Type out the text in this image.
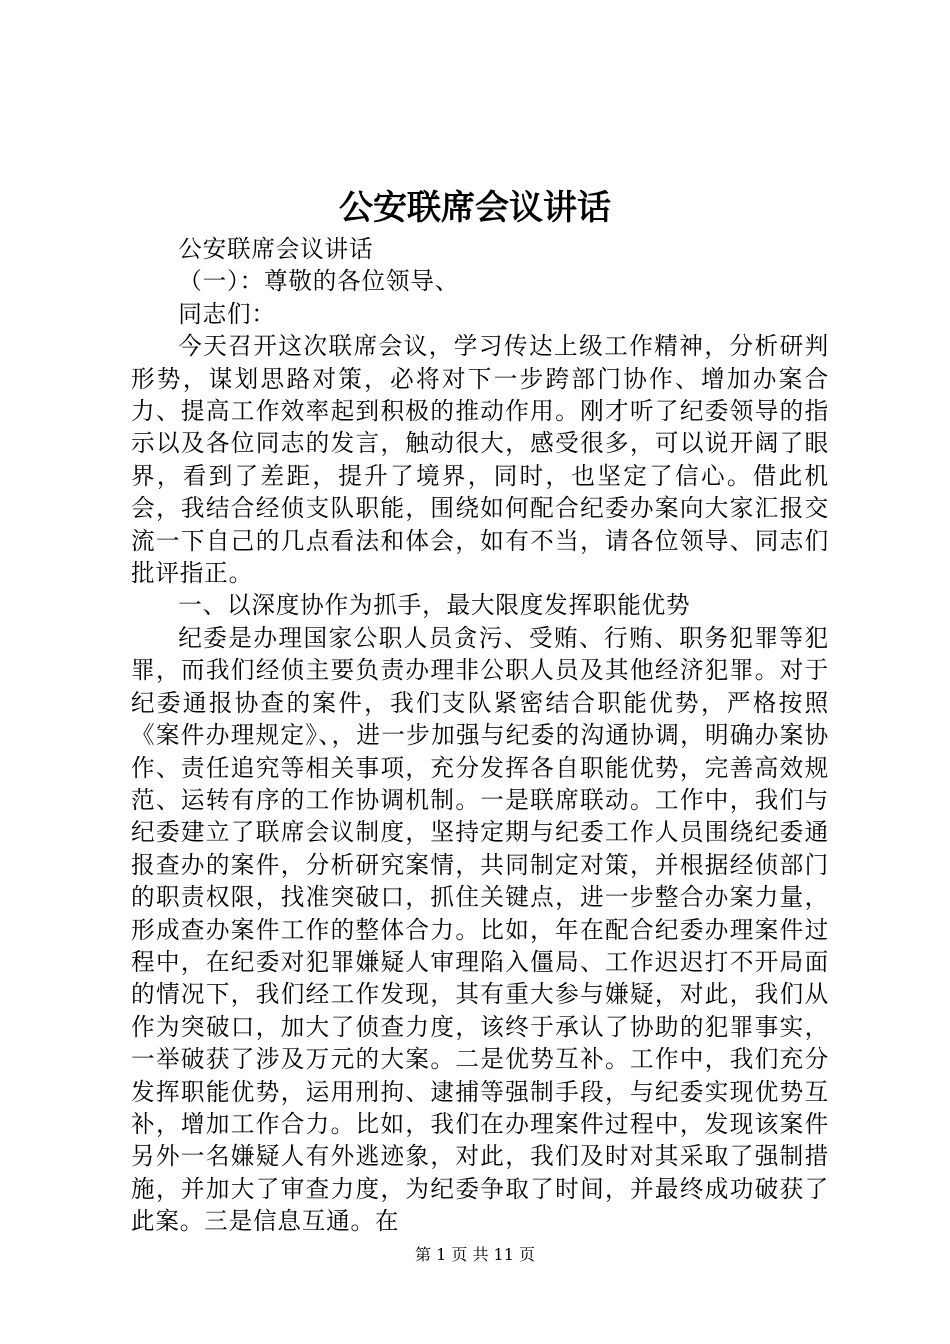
公安联席会议讲话

公安联席会议讲话

（一）：尊敬的各位领导、

同志们：

今天召开这次联席会议，学习传达上级工作精神，分析研判形势，谋划思路对策，必将对下一步跨部门协作、增加办案合力、提高工作效率起到积极的推动作用。刚才听了纪委领导的指示以及各位同志的发言，触动很大，感受很多，可以说开阔了眼界，看到了差距，提升了境界，同时，也坚定了信心。借此机会，我结合经侦支队职能，围绕如何配合纪委办案向大家汇报交流一下自己的几点看法和体会，如有不当，请各位领导、同志们批评指正。

一、以深度协作为抓手，最大限度发挥职能优势

纪委是办理国家公职人员贪污、受贿、行贿、职务犯罪等犯罪，而我们经侦主要负责办理非公职人员及其他经济犯罪。对于纪委通报协查的案件，我们支队紧密结合职能优势，严格按照《案件办理规定》、，进一步加强与纪委的沟通协调，明确办案协作、责任追究等相关事项，充分发挥各自职能优势，完善高效规范、运转有序的工作协调机制。一是联席联动。工作中，我们与纪委建立了联席会议制度，坚持定期与纪委工作人员围绕纪委通报查办的案件，分析研究案情，共同制定对策，并根据经侦部门的职责权限，找准突破口，抓住关键点，进一步整合办案力量，形成查办案件工作的整体合力。比如，年在配合纪委办理案件过程中，在纪委对犯罪嫌疑人审理陷入僵局、工作迟迟打不开局面的情况下，我们经工作发现，其有重大参与嫌疑，对此，我们从作为突破口，加大了侦查力度，该终于承认了协助的犯罪事实，一举破获了涉及万元的大案。二是优势互补。工作中，我们充分发挥职能优势，运用刑拘、逮捕等强制手段，与纪委实现优势互补，增加工作合力。比如，我们在办理案件过程中，发现该案件另外一名嫌疑人有外逃迹象，对此，我们及时对其采取了强制措施，并加大了审查力度，为纪委争取了时间，并最终成功破获了此案。三是信息互通。在

第 1 页 共 11 页
